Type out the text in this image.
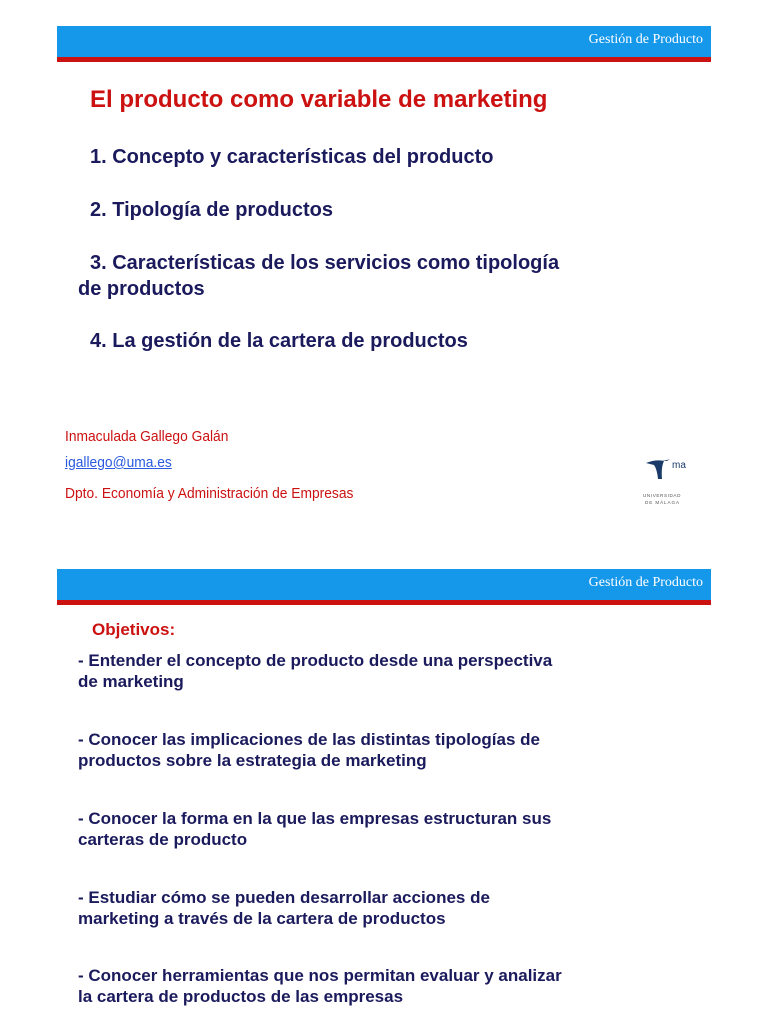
Gestión de Producto
El producto como variable de marketing
1. Concepto y características del producto
2. Tipología de productos
3. Características de los servicios como tipología
de productos
4. La gestión de la cartera de productos
Inmaculada Gallego Galán
igallego@uma.es
Dpto. Economía y Administración de Empresas
ma
UNIVERSIDAD
DE MÁLAGA
Gestión de Producto
Objetivos:
- Entender el concepto de producto desde una perspectiva
de marketing
- Conocer las implicaciones de las distintas tipologías de
productos sobre la estrategia de marketing
- Conocer la forma en la que las empresas estructuran sus
carteras de producto
- Estudiar cómo se pueden desarrollar acciones de
marketing a través de la cartera de productos
- Conocer herramientas que nos permitan evaluar y analizar
la cartera de productos de las empresas
